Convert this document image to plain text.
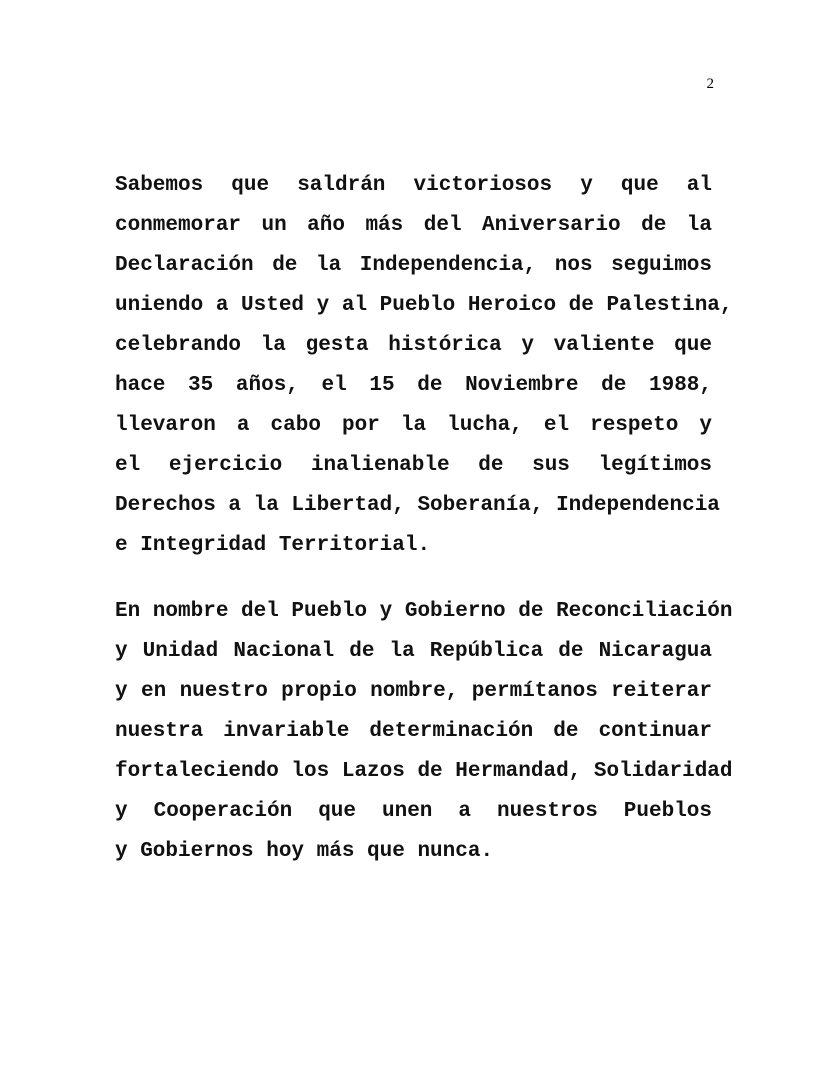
2
Sabemos que saldrán victoriosos y que al
conmemorar un año más del Aniversario de la
Declaración de la Independencia, nos seguimos
uniendo a Usted y al Pueblo Heroico de Palestina,
celebrando la gesta histórica y valiente que
hace 35 años, el 15 de Noviembre de 1988,
llevaron a cabo por la lucha, el respeto y
el ejercicio inalienable de sus legítimos
Derechos a la Libertad, Soberanía, Independencia
e Integridad Territorial.
En nombre del Pueblo y Gobierno de Reconciliación
y Unidad Nacional de la República de Nicaragua
y en nuestro propio nombre, permítanos reiterar
nuestra invariable determinación de continuar
fortaleciendo los Lazos de Hermandad, Solidaridad
y Cooperación que unen a nuestros Pueblos
y Gobiernos hoy más que nunca.
